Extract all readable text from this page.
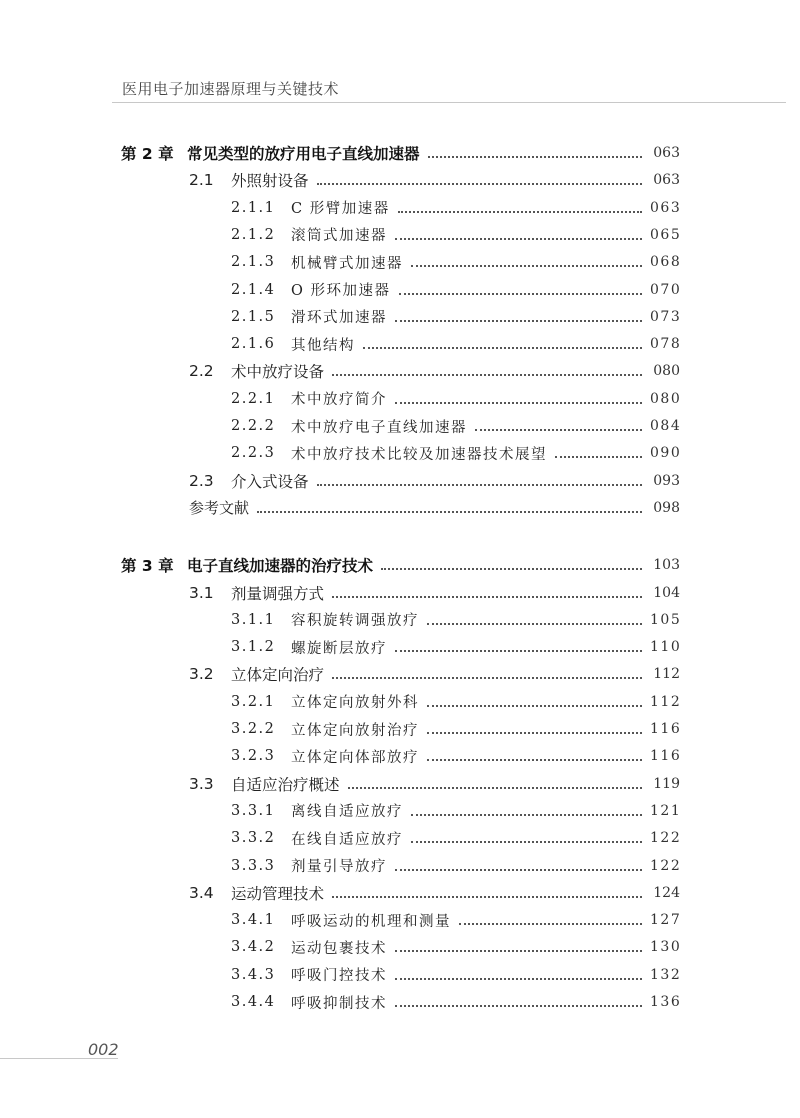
医用电子加速器原理与关键技术
第 2 章 常见类型的放疗用电子直线加速器	063
2.1	外照射设备	063
2.1.1	C 形臂加速器	063
2.1.2	滚筒式加速器	065
2.1.3	机械臂式加速器	068
2.1.4	O 形环加速器	070
2.1.5	滑环式加速器	073
2.1.6	其他结构	078
2.2	术中放疗设备	080
2.2.1	术中放疗简介	080
2.2.2	术中放疗电子直线加速器	084
2.2.3	术中放疗技术比较及加速器技术展望	090
2.3	介入式设备	093
参考文献	098
第 3 章 电子直线加速器的治疗技术	103
3.1	剂量调强方式	104
3.1.1	容积旋转调强放疗	105
3.1.2	螺旋断层放疗	110
3.2	立体定向治疗	112
3.2.1	立体定向放射外科	112
3.2.2	立体定向放射治疗	116
3.2.3	立体定向体部放疗	116
3.3	自适应治疗概述	119
3.3.1	离线自适应放疗	121
3.3.2	在线自适应放疗	122
3.3.3	剂量引导放疗	122
3.4	运动管理技术	124
3.4.1	呼吸运动的机理和测量	127
3.4.2	运动包裹技术	130
3.4.3	呼吸门控技术	132
3.4.4	呼吸抑制技术	136
002
